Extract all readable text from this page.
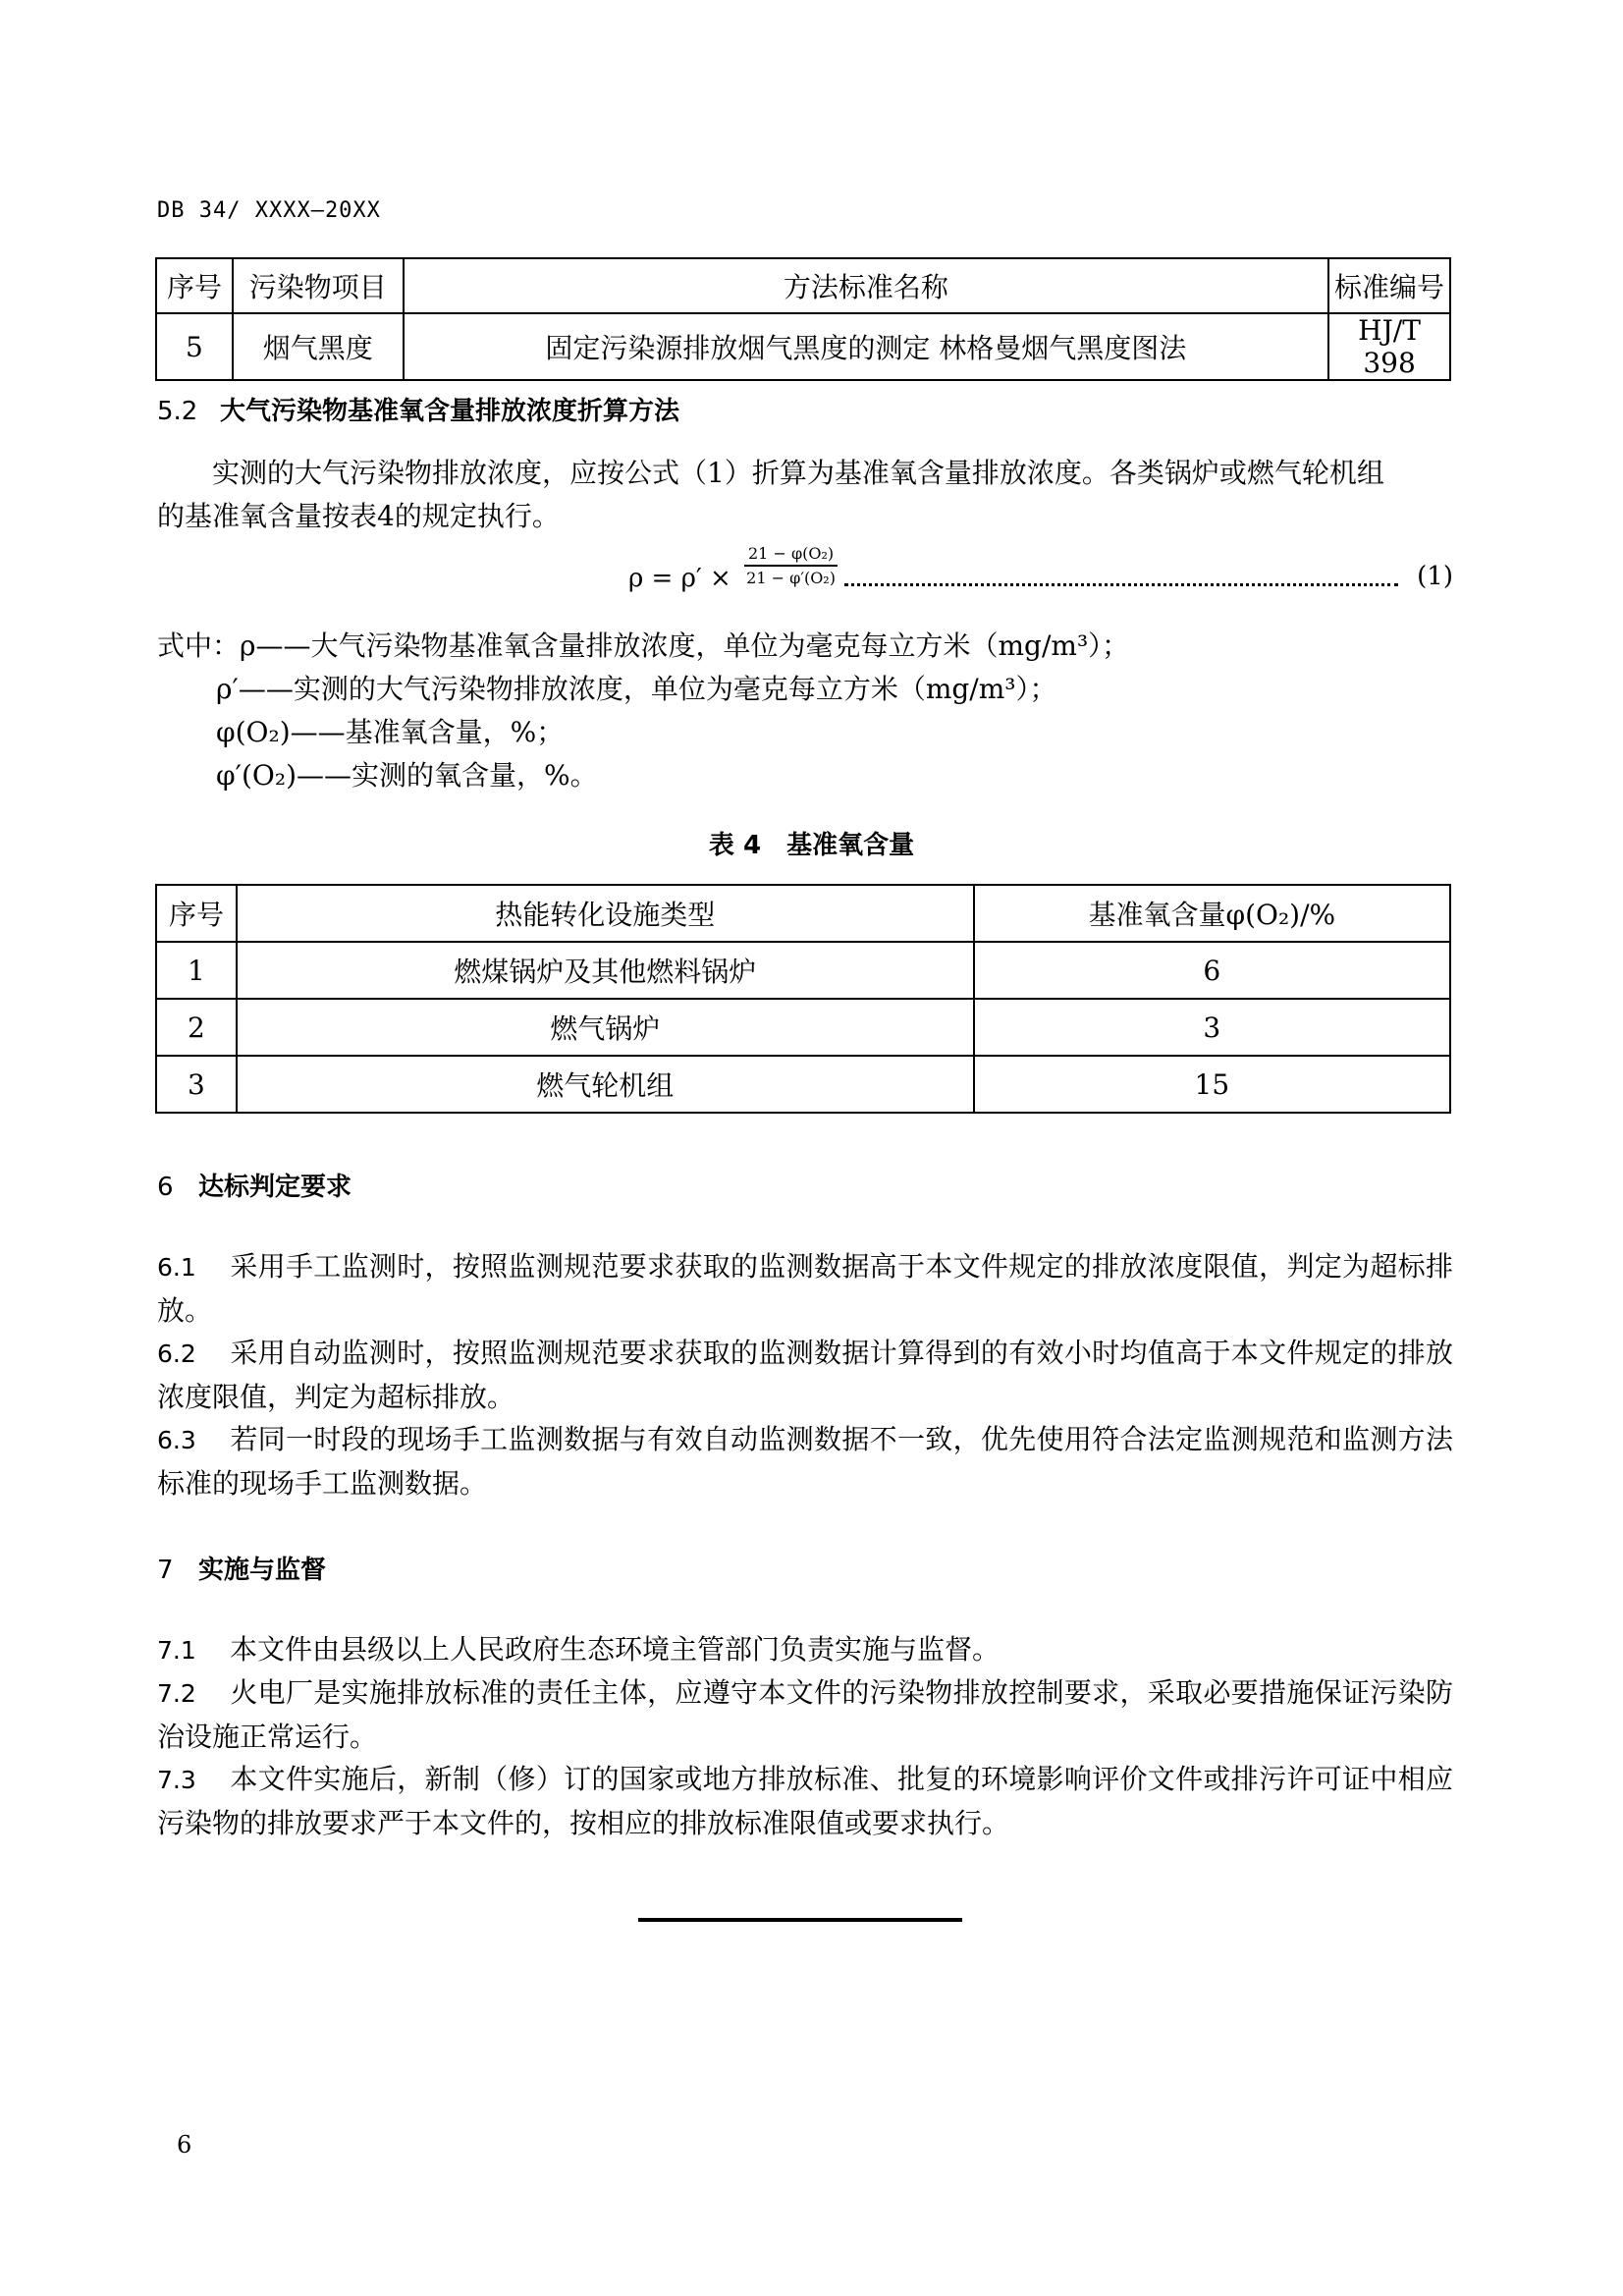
DB 34/ XXXX—20XX
序号	污染物项目	方法标准名称	标准编号
5	烟气黑度	固定污染源排放烟气黑度的测定 林格曼烟气黑度图法	HJ/T 398
5.2 大气污染物基准氧含量排放浓度折算方法
实测的大气污染物排放浓度，应按公式（1）折算为基准氧含量排放浓度。各类锅炉或燃气轮机组
的基准氧含量按表4的规定执行。
$\rho = \rho' \times \frac{\text{21 − φ(O₂)}}{\text{21 − φ′(O₂)}}$	(1)
式中：ρ——大气污染物基准氧含量排放浓度，单位为毫克每立方米（mg/m³）；
ρ′——实测的大气污染物排放浓度，单位为毫克每立方米（mg/m³）；
φ(O₂)——基准氧含量，%；
φ′(O₂)——实测的氧含量，%。
表 4　基准氧含量
序号	热能转化设施类型	基准氧含量φ(O₂)/%
1	燃煤锅炉及其他燃料锅炉	6
2	燃气锅炉	3
3	燃气轮机组	15
6 达标判定要求
6.1 采用手工监测时，按照监测规范要求获取的监测数据高于本文件规定的排放浓度限值，判定为超标排放。
6.2 采用自动监测时，按照监测规范要求获取的监测数据计算得到的有效小时均值高于本文件规定的排放浓度限值，判定为超标排放。
6.3 若同一时段的现场手工监测数据与有效自动监测数据不一致，优先使用符合法定监测规范和监测方法标准的现场手工监测数据。
7 实施与监督
7.1 本文件由县级以上人民政府生态环境主管部门负责实施与监督。
7.2 火电厂是实施排放标准的责任主体，应遵守本文件的污染物排放控制要求，采取必要措施保证污染防治设施正常运行。
7.3 本文件实施后，新制（修）订的国家或地方排放标准、批复的环境影响评价文件或排污许可证中相应污染物的排放要求严于本文件的，按相应的排放标准限值或要求执行。
6
